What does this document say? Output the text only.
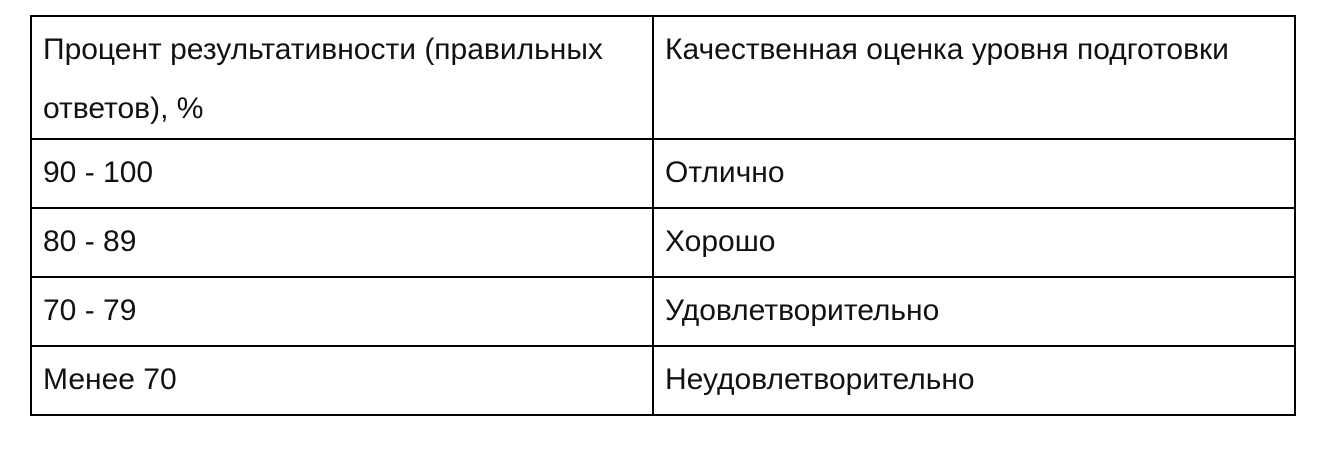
Процент результативности (правильных ответов), %	Качественная оценка уровня подготовки
90 - 100	Отлично
80 - 89	Хорошо
70 - 79	Удовлетворительно
Менее 70	Неудовлетворительно
